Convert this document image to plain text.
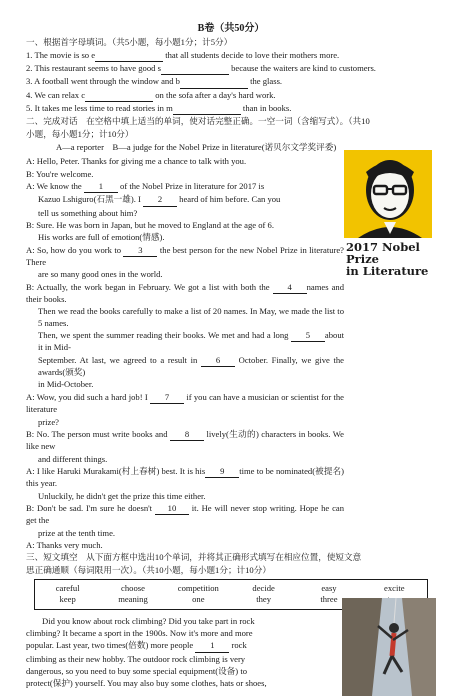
B卷（共50分）
一、根据首字母填词。（共5小题，每小题1分；计5分）
1. The movie is so e	that all students decide to love their mothers more.
2. This restaurant seems to have good s	because the waiters are kind to customers.
3. A football went through the window and b	the glass.
4. We can relax c	on the sofa after a day's hard work.
5. It takes me less time to read stories in m	than in books.
二、完成对话　在空格中填上适当的单词，使对话完整正确。一空一词（含缩写式）。（共10
小题，每小题1分；计10分）
A—a reporter　B—a judge for the Nobel Prize in literature(诺贝尔文学奖评委)
A: Hello, Peter. Thanks for giving me a chance to talk with you.
B: You're welcome.
A: We know the 1 of the Nobel Prize in literature for 2017 is
Kazuo Lshiguro(石黑一雄). I 2 heard of him before. Can you
tell us something about him?
B: Sure. He was born in Japan, but he moved to England at the age of 6.
His works are full of emotion(情感).
A: So, how do you work to 3 the best person for the new Nobel Prize in literature? There
are so many good ones in the world.
B: Actually, the work began in February. We got a list with both the 4 names and their books.
Then we read the books carefully to make a list of 20 names. In May, we made the list to 5 names.
Then, we spent the summer reading their books. We met and had a long 5 about it in Mid-
September. At last, we agreed to a result in 6 October. Finally, we give the awards(颁奖)
in Mid-October.
A: Wow, you did such a hard job! I 7 if you can have a musician or scientist for the literature
prize?
B: No. The person must write books and 8 lively(生动的) characters in books. We like new
and different things.
A: I like Haruki Murakami(村上春树) best. It is his 9 time to be nominated(被提名) this year.
Unluckily, he didn't get the prize this time either.
B: Don't be sad. I'm sure he doesn't 10 it. He will never stop writing. Hope he can get the
prize at the tenth time.
A: Thanks very much.
三、短文填空　从下面方框中选出10个单词，并将其正确形式填写在相应位置，使短文意
思正确通顺（每词限用一次）。（共10小题，每小题1分；计10分）
careful	choose	competition	decide	easy	excite
keep	meaning	one	they	three
Did you know about rock climbing? Did you take part in rock
climbing? It became a sport in the 1900s. Now it's more and more
popular. Last year, two times(倍数) more people 1 rock
climbing as their new hobby. The outdoor rock climbing is very
dangerous, so you need to buy some special equipment(设备) to
protect(保护) yourself. You may also buy some clothes, hats or shoes,
2017 Nobel Prize
in Literature
